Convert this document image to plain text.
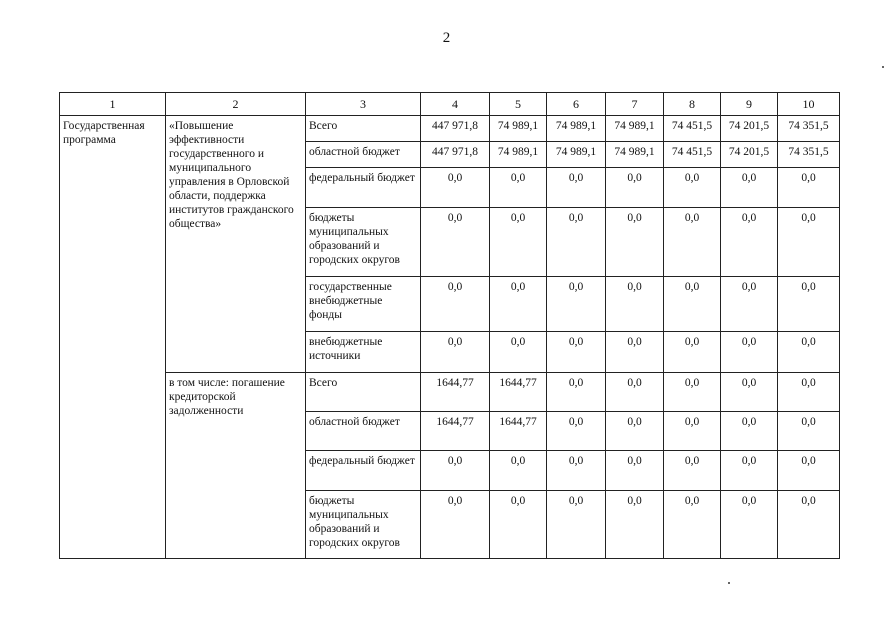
2
1	2	3	4	5	6	7	8	9	10
Государственная программа	«Повышение эффективности государственного и муниципального управления в Орловской области, поддержка институтов гражданского общества»	Всего	447 971,8	74 989,1	74 989,1	74 989,1	74 451,5	74 201,5	74 351,5
		областной бюджет	447 971,8	74 989,1	74 989,1	74 989,1	74 451,5	74 201,5	74 351,5
		федеральный бюджет	0,0	0,0	0,0	0,0	0,0	0,0	0,0
		бюджеты муниципальных образований и городских округов	0,0	0,0	0,0	0,0	0,0	0,0	0,0
		государственные внебюджетные фонды	0,0	0,0	0,0	0,0	0,0	0,0	0,0
		внебюджетные источники	0,0	0,0	0,0	0,0	0,0	0,0	0,0
	в том числе: погашение кредиторской задолженности	Всего	1644,77	1644,77	0,0	0,0	0,0	0,0	0,0
		областной бюджет	1644,77	1644,77	0,0	0,0	0,0	0,0	0,0
		федеральный бюджет	0,0	0,0	0,0	0,0	0,0	0,0	0,0
		бюджеты муниципальных образований и городских округов	0,0	0,0	0,0	0,0	0,0	0,0	0,0
